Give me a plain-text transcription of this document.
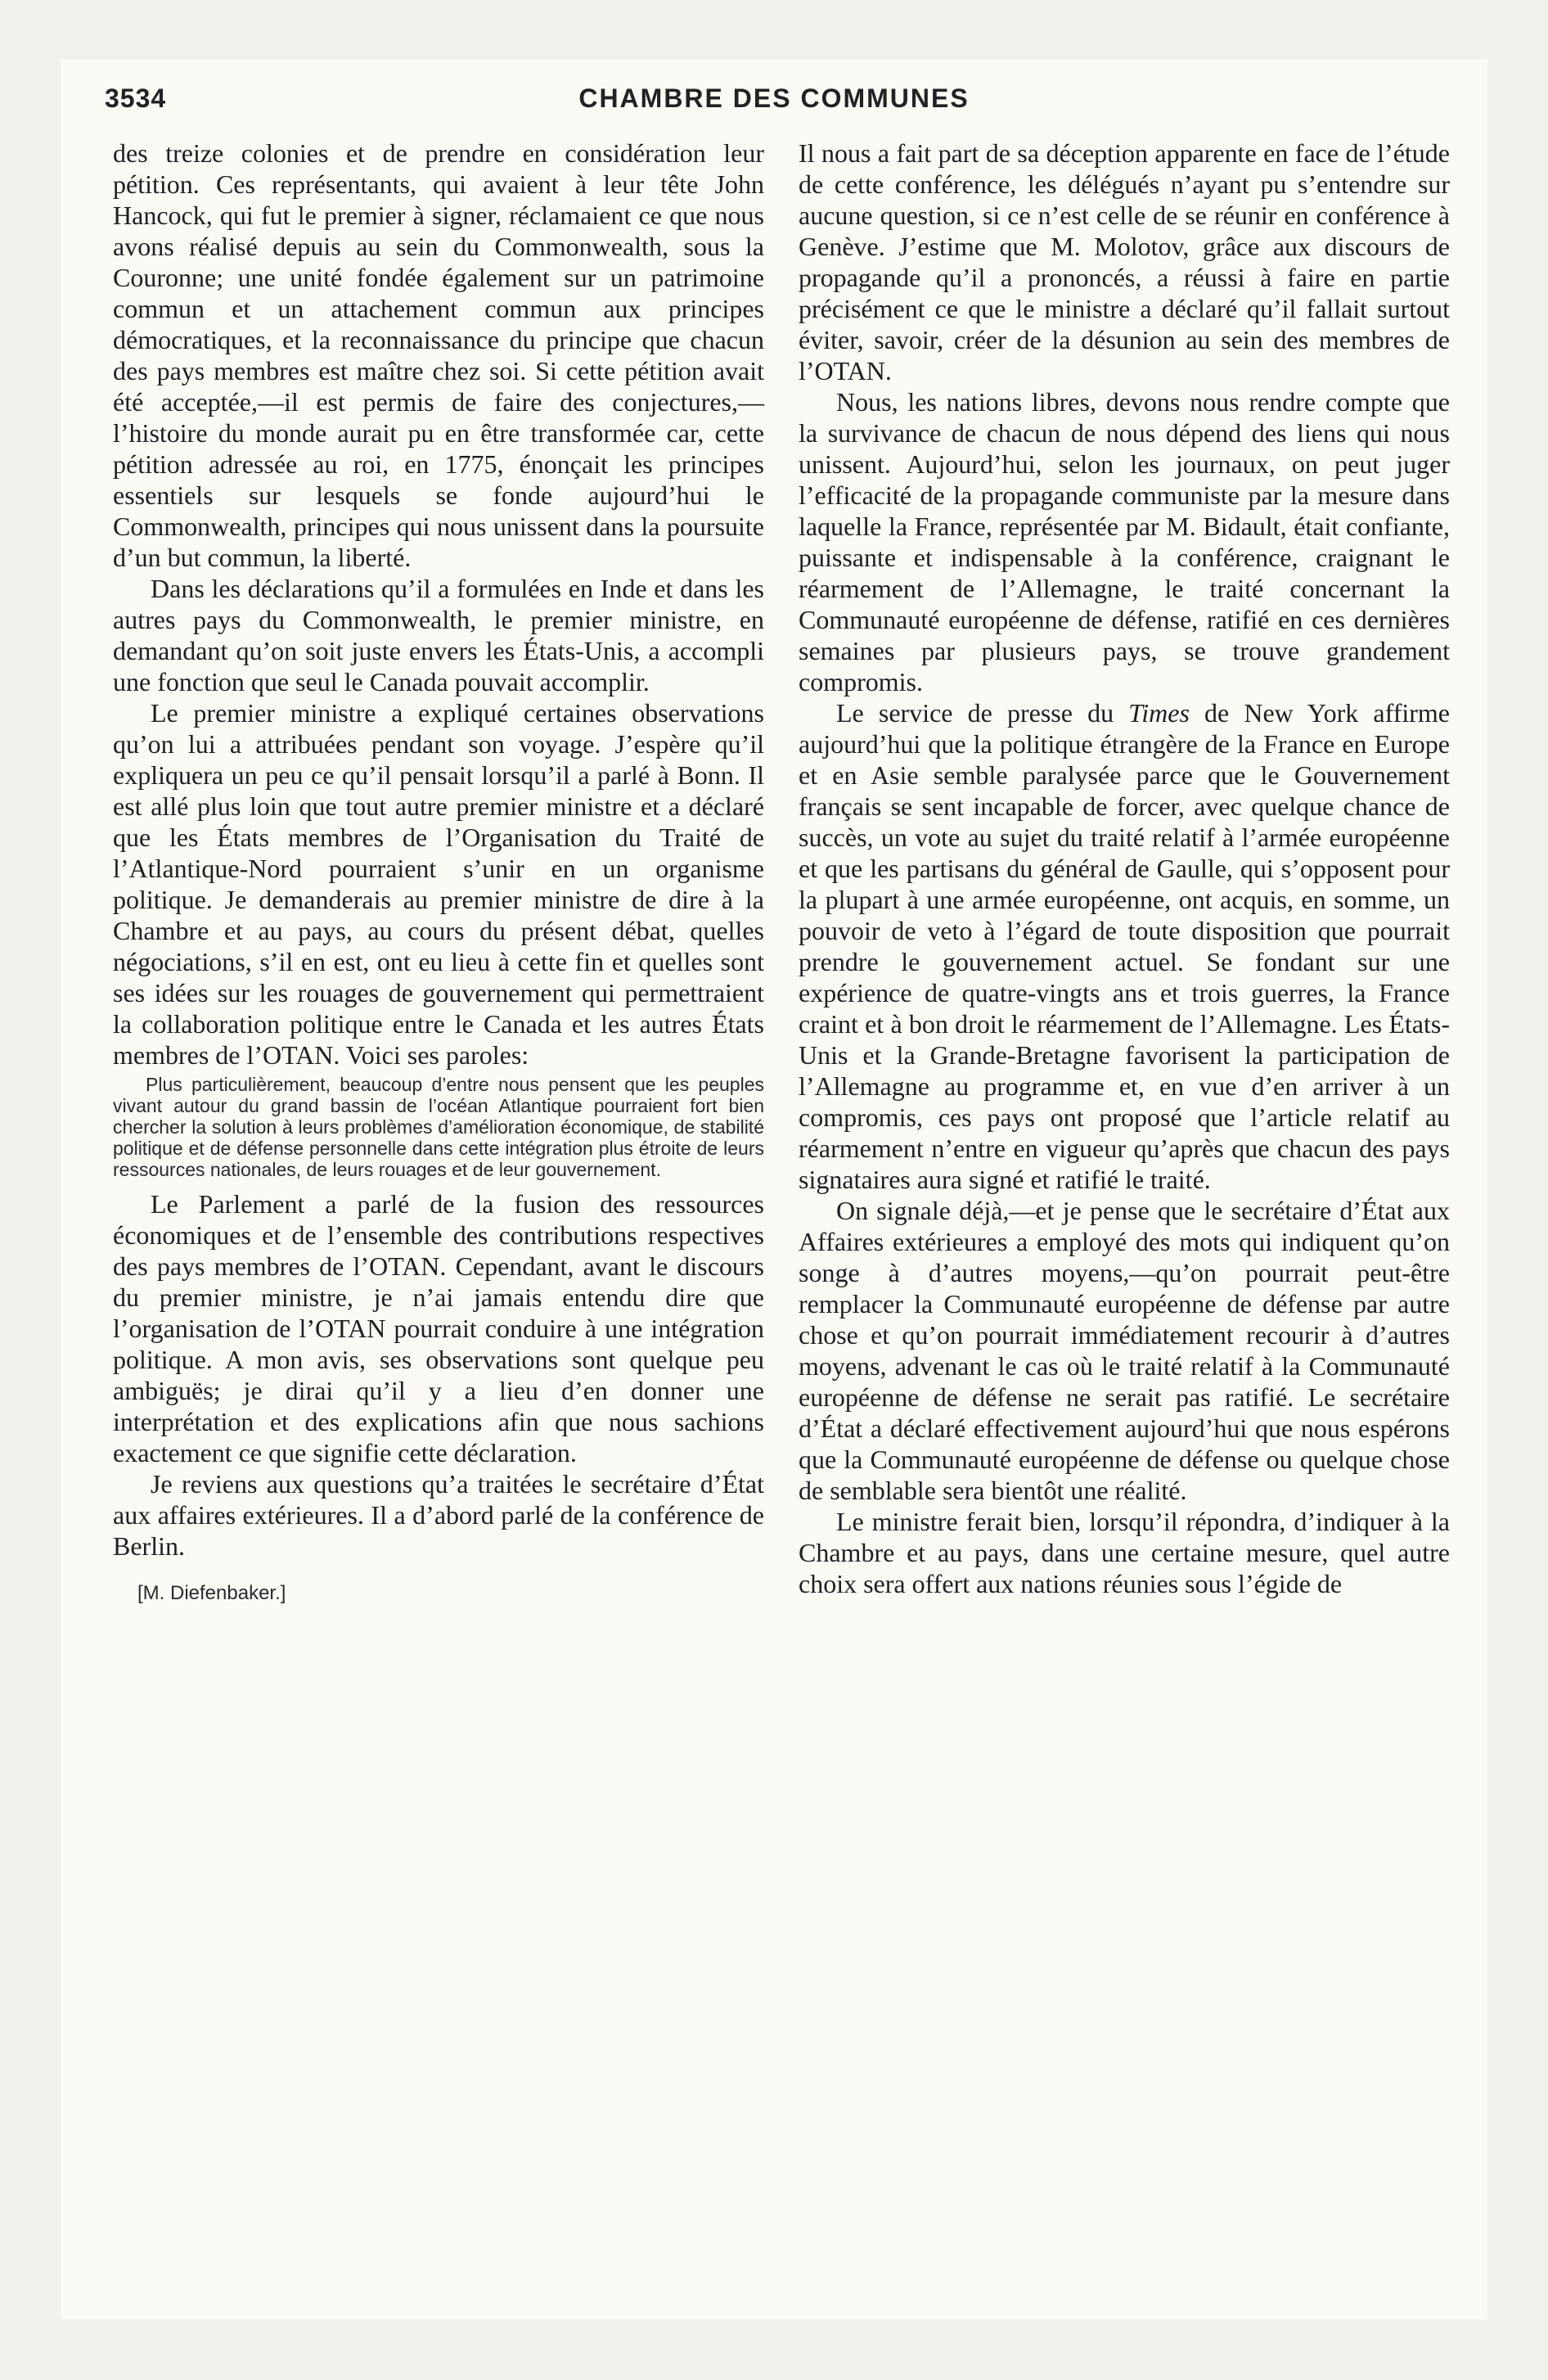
3534	CHAMBRE DES COMMUNES

des treize colonies et de prendre en considération leur pétition. Ces représentants, qui avaient à leur tête John Hancock, qui fut le premier à signer, réclamaient ce que nous avons réalisé depuis au sein du Commonwealth, sous la Couronne; une unité fondée également sur un patrimoine commun et un attachement commun aux principes démocratiques, et la reconnaissance du principe que chacun des pays membres est maître chez soi. Si cette pétition avait été acceptée,—il est permis de faire des conjectures,—l’histoire du monde aurait pu en être transformée car, cette pétition adressée au roi, en 1775, énonçait les principes essentiels sur lesquels se fonde aujourd’hui le Commonwealth, principes qui nous unissent dans la poursuite d’un but commun, la liberté.

Dans les déclarations qu’il a formulées en Inde et dans les autres pays du Commonwealth, le premier ministre, en demandant qu’on soit juste envers les États-Unis, a accompli une fonction que seul le Canada pouvait accomplir.

Le premier ministre a expliqué certaines observations qu’on lui a attribuées pendant son voyage. J’espère qu’il expliquera un peu ce qu’il pensait lorsqu’il a parlé à Bonn. Il est allé plus loin que tout autre premier ministre et a déclaré que les États membres de l’Organisation du Traité de l’Atlantique-Nord pourraient s’unir en un organisme politique. Je demanderais au premier ministre de dire à la Chambre et au pays, au cours du présent débat, quelles négociations, s’il en est, ont eu lieu à cette fin et quelles sont ses idées sur les rouages de gouvernement qui permettraient la collaboration politique entre le Canada et les autres États membres de l’OTAN. Voici ses paroles:

Plus particulièrement, beaucoup d’entre nous pensent que les peuples vivant autour du grand bassin de l’océan Atlantique pourraient fort bien chercher la solution à leurs problèmes d’amélioration économique, de stabilité politique et de défense personnelle dans cette intégration plus étroite de leurs ressources nationales, de leurs rouages et de leur gouvernement.

Le Parlement a parlé de la fusion des ressources économiques et de l’ensemble des contributions respectives des pays membres de l’OTAN. Cependant, avant le discours du premier ministre, je n’ai jamais entendu dire que l’organisation de l’OTAN pourrait conduire à une intégration politique. A mon avis, ses observations sont quelque peu ambiguës; je dirai qu’il y a lieu d’en donner une interprétation et des explications afin que nous sachions exactement ce que signifie cette déclaration.

Je reviens aux questions qu’a traitées le secrétaire d’État aux affaires extérieures. Il a d’abord parlé de la conférence de Berlin.

[M. Diefenbaker.]

Il nous a fait part de sa déception apparente en face de l’étude de cette conférence, les délégués n’ayant pu s’entendre sur aucune question, si ce n’est celle de se réunir en conférence à Genève. J’estime que M. Molotov, grâce aux discours de propagande qu’il a prononcés, a réussi à faire en partie précisément ce que le ministre a déclaré qu’il fallait surtout éviter, savoir, créer de la désunion au sein des membres de l’OTAN.

Nous, les nations libres, devons nous rendre compte que la survivance de chacun de nous dépend des liens qui nous unissent. Aujourd’hui, selon les journaux, on peut juger l’efficacité de la propagande communiste par la mesure dans laquelle la France, représentée par M. Bidault, était confiante, puissante et indispensable à la conférence, craignant le réarmement de l’Allemagne, le traité concernant la Communauté européenne de défense, ratifié en ces dernières semaines par plusieurs pays, se trouve grandement compromis.

Le service de presse du Times de New York affirme aujourd’hui que la politique étrangère de la France en Europe et en Asie semble paralysée parce que le Gouvernement français se sent incapable de forcer, avec quelque chance de succès, un vote au sujet du traité relatif à l’armée européenne et que les partisans du général de Gaulle, qui s’opposent pour la plupart à une armée européenne, ont acquis, en somme, un pouvoir de veto à l’égard de toute disposition que pourrait prendre le gouvernement actuel. Se fondant sur une expérience de quatre-vingts ans et trois guerres, la France craint et à bon droit le réarmement de l’Allemagne. Les États-Unis et la Grande-Bretagne favorisent la participation de l’Allemagne au programme et, en vue d’en arriver à un compromis, ces pays ont proposé que l’article relatif au réarmement n’entre en vigueur qu’après que chacun des pays signataires aura signé et ratifié le traité.

On signale déjà,—et je pense que le secrétaire d’État aux Affaires extérieures a employé des mots qui indiquent qu’on songe à d’autres moyens,—qu’on pourrait peut-être remplacer la Communauté européenne de défense par autre chose et qu’on pourrait immédiatement recourir à d’autres moyens, advenant le cas où le traité relatif à la Communauté européenne de défense ne serait pas ratifié. Le secrétaire d’État a déclaré effectivement aujourd’hui que nous espérons que la Communauté européenne de défense ou quelque chose de semblable sera bientôt une réalité.

Le ministre ferait bien, lorsqu’il répondra, d’indiquer à la Chambre et au pays, dans une certaine mesure, quel autre choix sera offert aux nations réunies sous l’égide de
